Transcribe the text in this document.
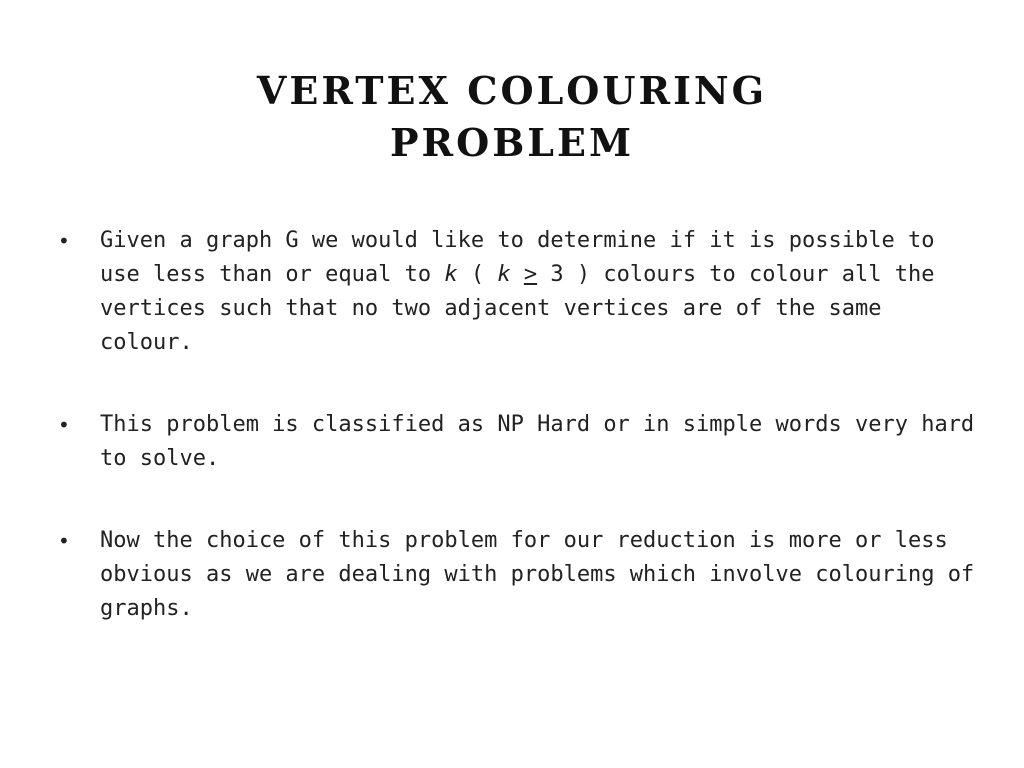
VERTEX COLOURING
PROBLEM
• Given a graph G we would like to determine if it is possible to use less than or equal to k ( k ≥ 3 ) colours to colour all the vertices such that no two adjacent vertices are of the same colour.
• This problem is classified as NP Hard or in simple words very hard to solve.
• Now the choice of this problem for our reduction is more or less obvious as we are dealing with problems which involve colouring of graphs.
